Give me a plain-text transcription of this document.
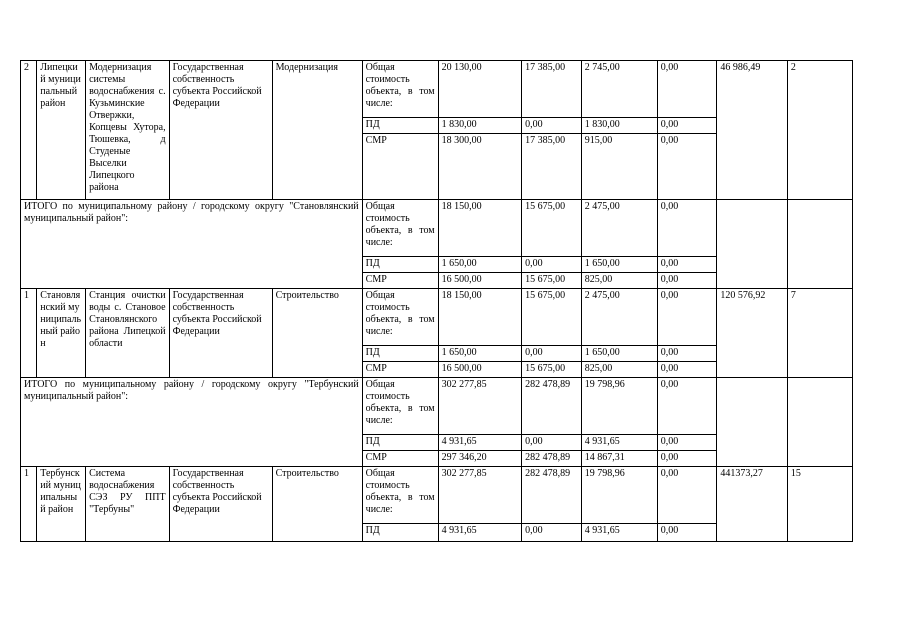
2	Липецкий муниципальный район	Модернизация системы водоснабжения с. Кузьминские Отвержки, Копцевы Хутора, Тюшевка, д Студеные Выселки Липецкого района	Государственная собственность субъекта Российской Федерации	Модернизация	Общая стоимость объекта, в том числе:	20 130,00	17 385,00	2 745,00	0,00	46 986,49	2
					ПД	1 830,00	0,00	1 830,00	0,00		
					СМР	18 300,00	17 385,00	915,00	0,00		
ИТОГО по муниципальному району / городскому округу "Становлянский муниципальный район":					Общая стоимость объекта, в том числе:	18 150,00	15 675,00	2 475,00	0,00		
					ПД	1 650,00	0,00	1 650,00	0,00		
					СМР	16 500,00	15 675,00	825,00	0,00		
1	Становлянский муниципальный район	Станция очистки воды с. Становое Становлянского района Липецкой области	Государственная собственность субъекта Российской Федерации	Строительство	Общая стоимость объекта, в том числе:	18 150,00	15 675,00	2 475,00	0,00	120 576,92	7
					ПД	1 650,00	0,00	1 650,00	0,00		
					СМР	16 500,00	15 675,00	825,00	0,00		
ИТОГО по муниципальному району / городскому округу "Тербунский муниципальный район":					Общая стоимость объекта, в том числе:	302 277,85	282 478,89	19 798,96	0,00		
					ПД	4 931,65	0,00	4 931,65	0,00		
					СМР	297 346,20	282 478,89	14 867,31	0,00		
1	Тербунский муниципальный район	Система водоснабжения СЭЗ РУ ППТ "Тербуны"	Государственная собственность субъекта Российской Федерации	Строительство	Общая стоимость объекта, в том числе:	302 277,85	282 478,89	19 798,96	0,00	441373,27	15
					ПД	4 931,65	0,00	4 931,65	0,00		
